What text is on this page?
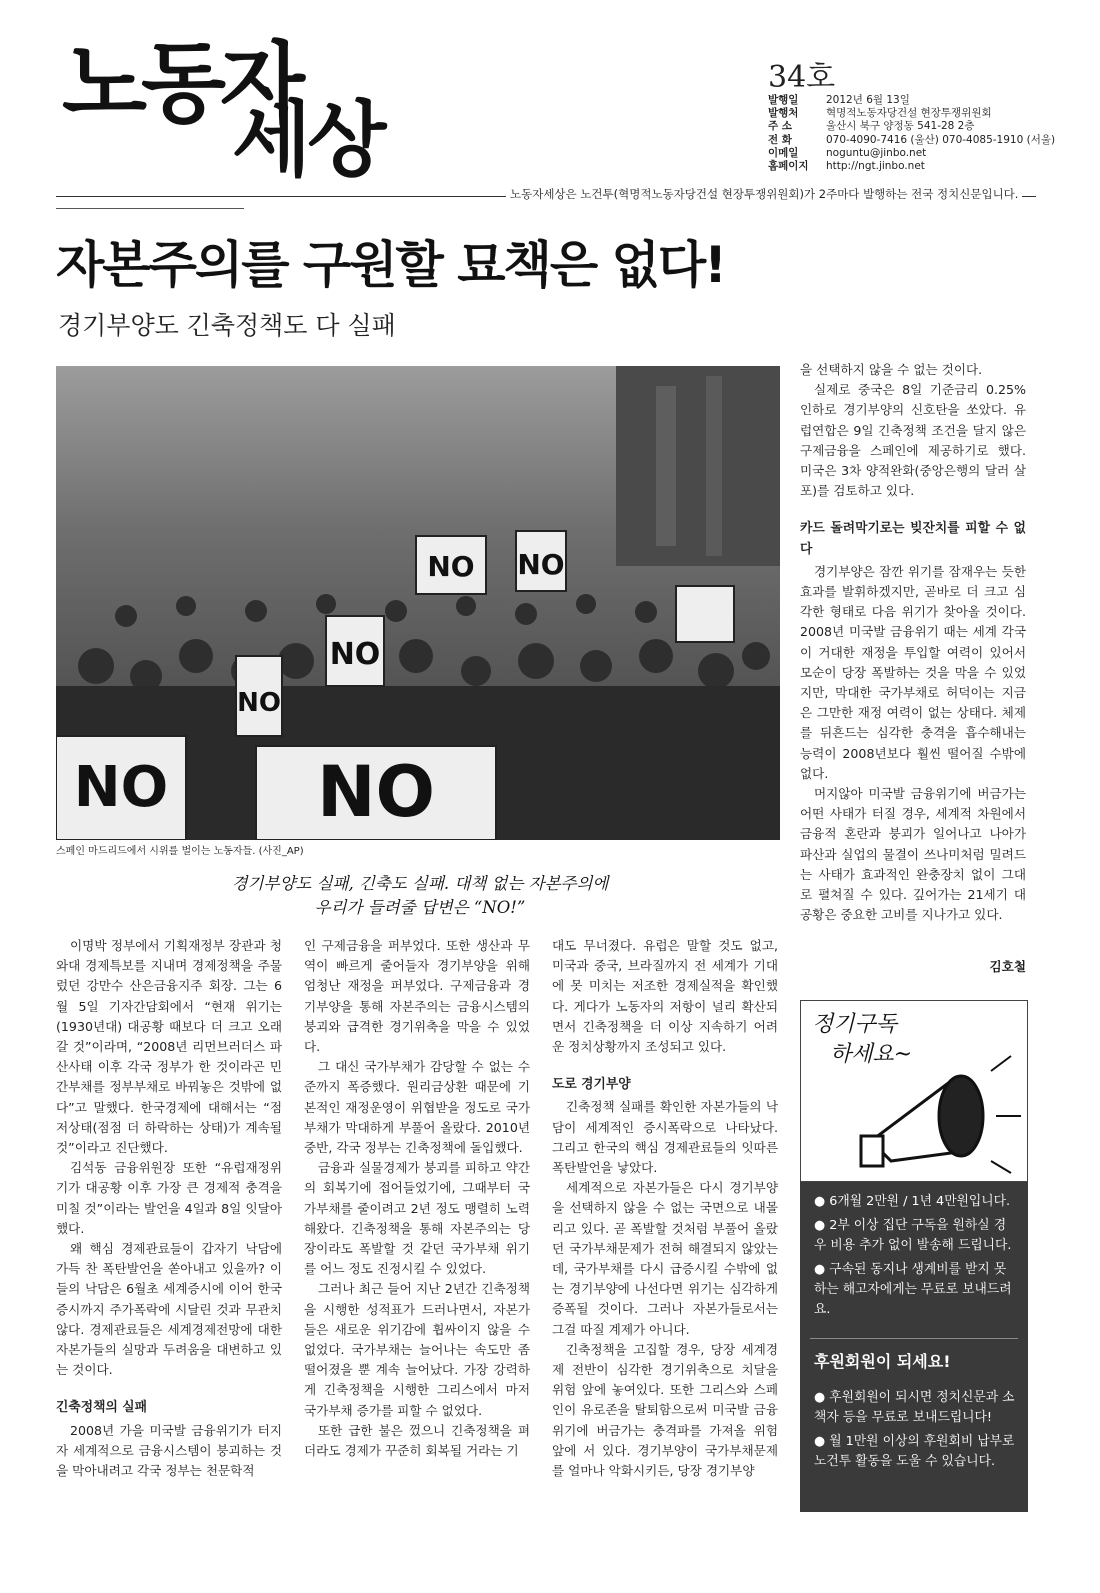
노동자
세상
34호
발행일	2012년 6월 13일
발행처	혁명적노동자당건설 현장투쟁위원회
주 소	울산시 북구 양정동 541-28 2층
전 화	070-4090-7416 (울산) 070-4085-1910 (서울)
이메일	noguntu@jinbo.net
홈페이지	http://ngt.jinbo.net
노동자세상은 노건투(혁명적노동자당건설 현장투쟁위원회)가 2주마다 발행하는 전국 정치신문입니다.
자본주의를 구원할 묘책은 없다!
경기부양도 긴축정책도 다 실패
NO NO
NO
NO
NO NO
스페인 마드리드에서 시위를 벌이는 노동자들. (사진_AP)
경기부양도 실패, 긴축도 실패. 대책 없는 자본주의에
우리가 들려줄 답변은 “NO!”

이명박 정부에서 기획재정부 장관과 청와대 경제특보를 지내며 경제정책을 주물렀던 강만수 산은금융지주 회장. 그는 6월 5일 기자간담회에서 “현재 위기는 (1930년대) 대공황 때보다 더 크고 오래갈 것”이라며, “2008년 리먼브러더스 파산사태 이후 각국 정부가 한 것이라곤 민간부채를 정부부채로 바꿔놓은 것밖에 없다”고 말했다. 한국경제에 대해서는 “점저상태(점점 더 하락하는 상태)가 계속될 것”이라고 진단했다.

김석동 금융위원장 또한 “유럽재정위기가 대공황 이후 가장 큰 경제적 충격을 미칠 것”이라는 발언을 4일과 8일 잇달아 했다.

왜 핵심 경제관료들이 갑자기 낙담에 가득 찬 폭탄발언을 쏟아내고 있을까? 이들의 낙담은 6월초 세계증시에 이어 한국증시까지 주가폭락에 시달린 것과 무관치 않다. 경제관료들은 세계경제전망에 대한 자본가들의 실망과 두려움을 대변하고 있는 것이다.

긴축정책의 실패

2008년 가을 미국발 금융위기가 터지자 세계적으로 금융시스템이 붕괴하는 것을 막아내려고 각국 정부는 천문학적

인 구제금융을 퍼부었다. 또한 생산과 무역이 빠르게 줄어들자 경기부양을 위해 엄청난 재정을 퍼부었다. 구제금융과 경기부양을 통해 자본주의는 금융시스템의 붕괴와 급격한 경기위축을 막을 수 있었다.

그 대신 국가부채가 감당할 수 없는 수준까지 폭증했다. 원리금상환 때문에 기본적인 재정운영이 위협받을 정도로 국가부채가 막대하게 부풀어 올랐다. 2010년 중반, 각국 정부는 긴축정책에 돌입했다.

금융과 실물경제가 붕괴를 피하고 약간의 회복기에 접어들었기에, 그때부터 국가부채를 줄이려고 2년 정도 맹렬히 노력해왔다. 긴축정책을 통해 자본주의는 당장이라도 폭발할 것 같던 국가부채 위기를 어느 정도 진정시킬 수 있었다.

그러나 최근 들어 지난 2년간 긴축정책을 시행한 성적표가 드러나면서, 자본가들은 새로운 위기감에 휩싸이지 않을 수 없었다. 국가부채는 늘어나는 속도만 좀 떨어졌을 뿐 계속 늘어났다. 가장 강력하게 긴축정책을 시행한 그리스에서 마저 국가부채 증가를 피할 수 없었다.

또한 급한 불은 껐으니 긴축정책을 펴더라도 경제가 꾸준히 회복될 거라는 기

대도 무너졌다. 유럽은 말할 것도 없고, 미국과 중국, 브라질까지 전 세계가 기대에 못 미치는 저조한 경제실적을 확인했다. 게다가 노동자의 저항이 널리 확산되면서 긴축정책을 더 이상 지속하기 어려운 정치상황까지 조성되고 있다.

도로 경기부양

긴축정책 실패를 확인한 자본가들의 낙담이 세계적인 증시폭락으로 나타났다. 그리고 한국의 핵심 경제관료들의 잇따른 폭탄발언을 낳았다.

세계적으로 자본가들은 다시 경기부양을 선택하지 않을 수 없는 국면으로 내몰리고 있다. 곧 폭발할 것처럼 부풀어 올랐던 국가부채문제가 전혀 해결되지 않았는데, 국가부채를 다시 급증시킬 수밖에 없는 경기부양에 나선다면 위기는 심각하게 증폭될 것이다. 그러나 자본가들로서는 그걸 따질 계제가 아니다.

긴축정책을 고집할 경우, 당장 세계경제 전반이 심각한 경기위축으로 치달을 위험 앞에 놓여있다. 또한 그리스와 스페인이 유로존을 탈퇴함으로써 미국발 금융위기에 버금가는 충격파를 가져올 위험 앞에 서 있다. 경기부양이 국가부채문제를 얼마나 악화시키든, 당장 경기부양

을 선택하지 않을 수 없는 것이다.

실제로 중국은 8일 기준금리 0.25% 인하로 경기부양의 신호탄을 쏘았다. 유럽연합은 9일 긴축정책 조건을 달지 않은 구제금융을 스페인에 제공하기로 했다. 미국은 3차 양적완화(중앙은행의 달러 살포)를 검토하고 있다.

카드 돌려막기로는 빚잔치를 피할 수 없다

경기부양은 잠깐 위기를 잠재우는 듯한 효과를 발휘하겠지만, 곧바로 더 크고 심각한 형태로 다음 위기가 찾아올 것이다. 2008년 미국발 금융위기 때는 세계 각국이 거대한 재정을 투입할 여력이 있어서 모순이 당장 폭발하는 것을 막을 수 있었지만, 막대한 국가부채로 허덕이는 지금은 그만한 재정 여력이 없는 상태다. 체제를 뒤흔드는 심각한 충격을 흡수해내는 능력이 2008년보다 훨씬 떨어질 수밖에 없다.

머지않아 미국발 금융위기에 버금가는 어떤 사태가 터질 경우, 세계적 차원에서 금융적 혼란과 붕괴가 일어나고 나아가 파산과 실업의 물결이 쓰나미처럼 밀려드는 사태가 효과적인 완충장치 없이 그대로 펼쳐질 수 있다. 깊어가는 21세기 대공황은 중요한 고비를 지나가고 있다.

김호철
정기구독
하세요~
● 6개월 2만원 / 1년 4만원입니다.
● 2부 이상 집단 구독을 원하실 경우 비용 추가 없이 발송해 드립니다.
● 구속된 동지나 생계비를 받지 못하는 해고자에게는 무료로 보내드려요.
후원회원이 되세요!
● 후원회원이 되시면 정치신문과 소책자 등을 무료로 보내드립니다!
● 월 1만원 이상의 후원회비 납부로 노건투 활동을 도울 수 있습니다.
